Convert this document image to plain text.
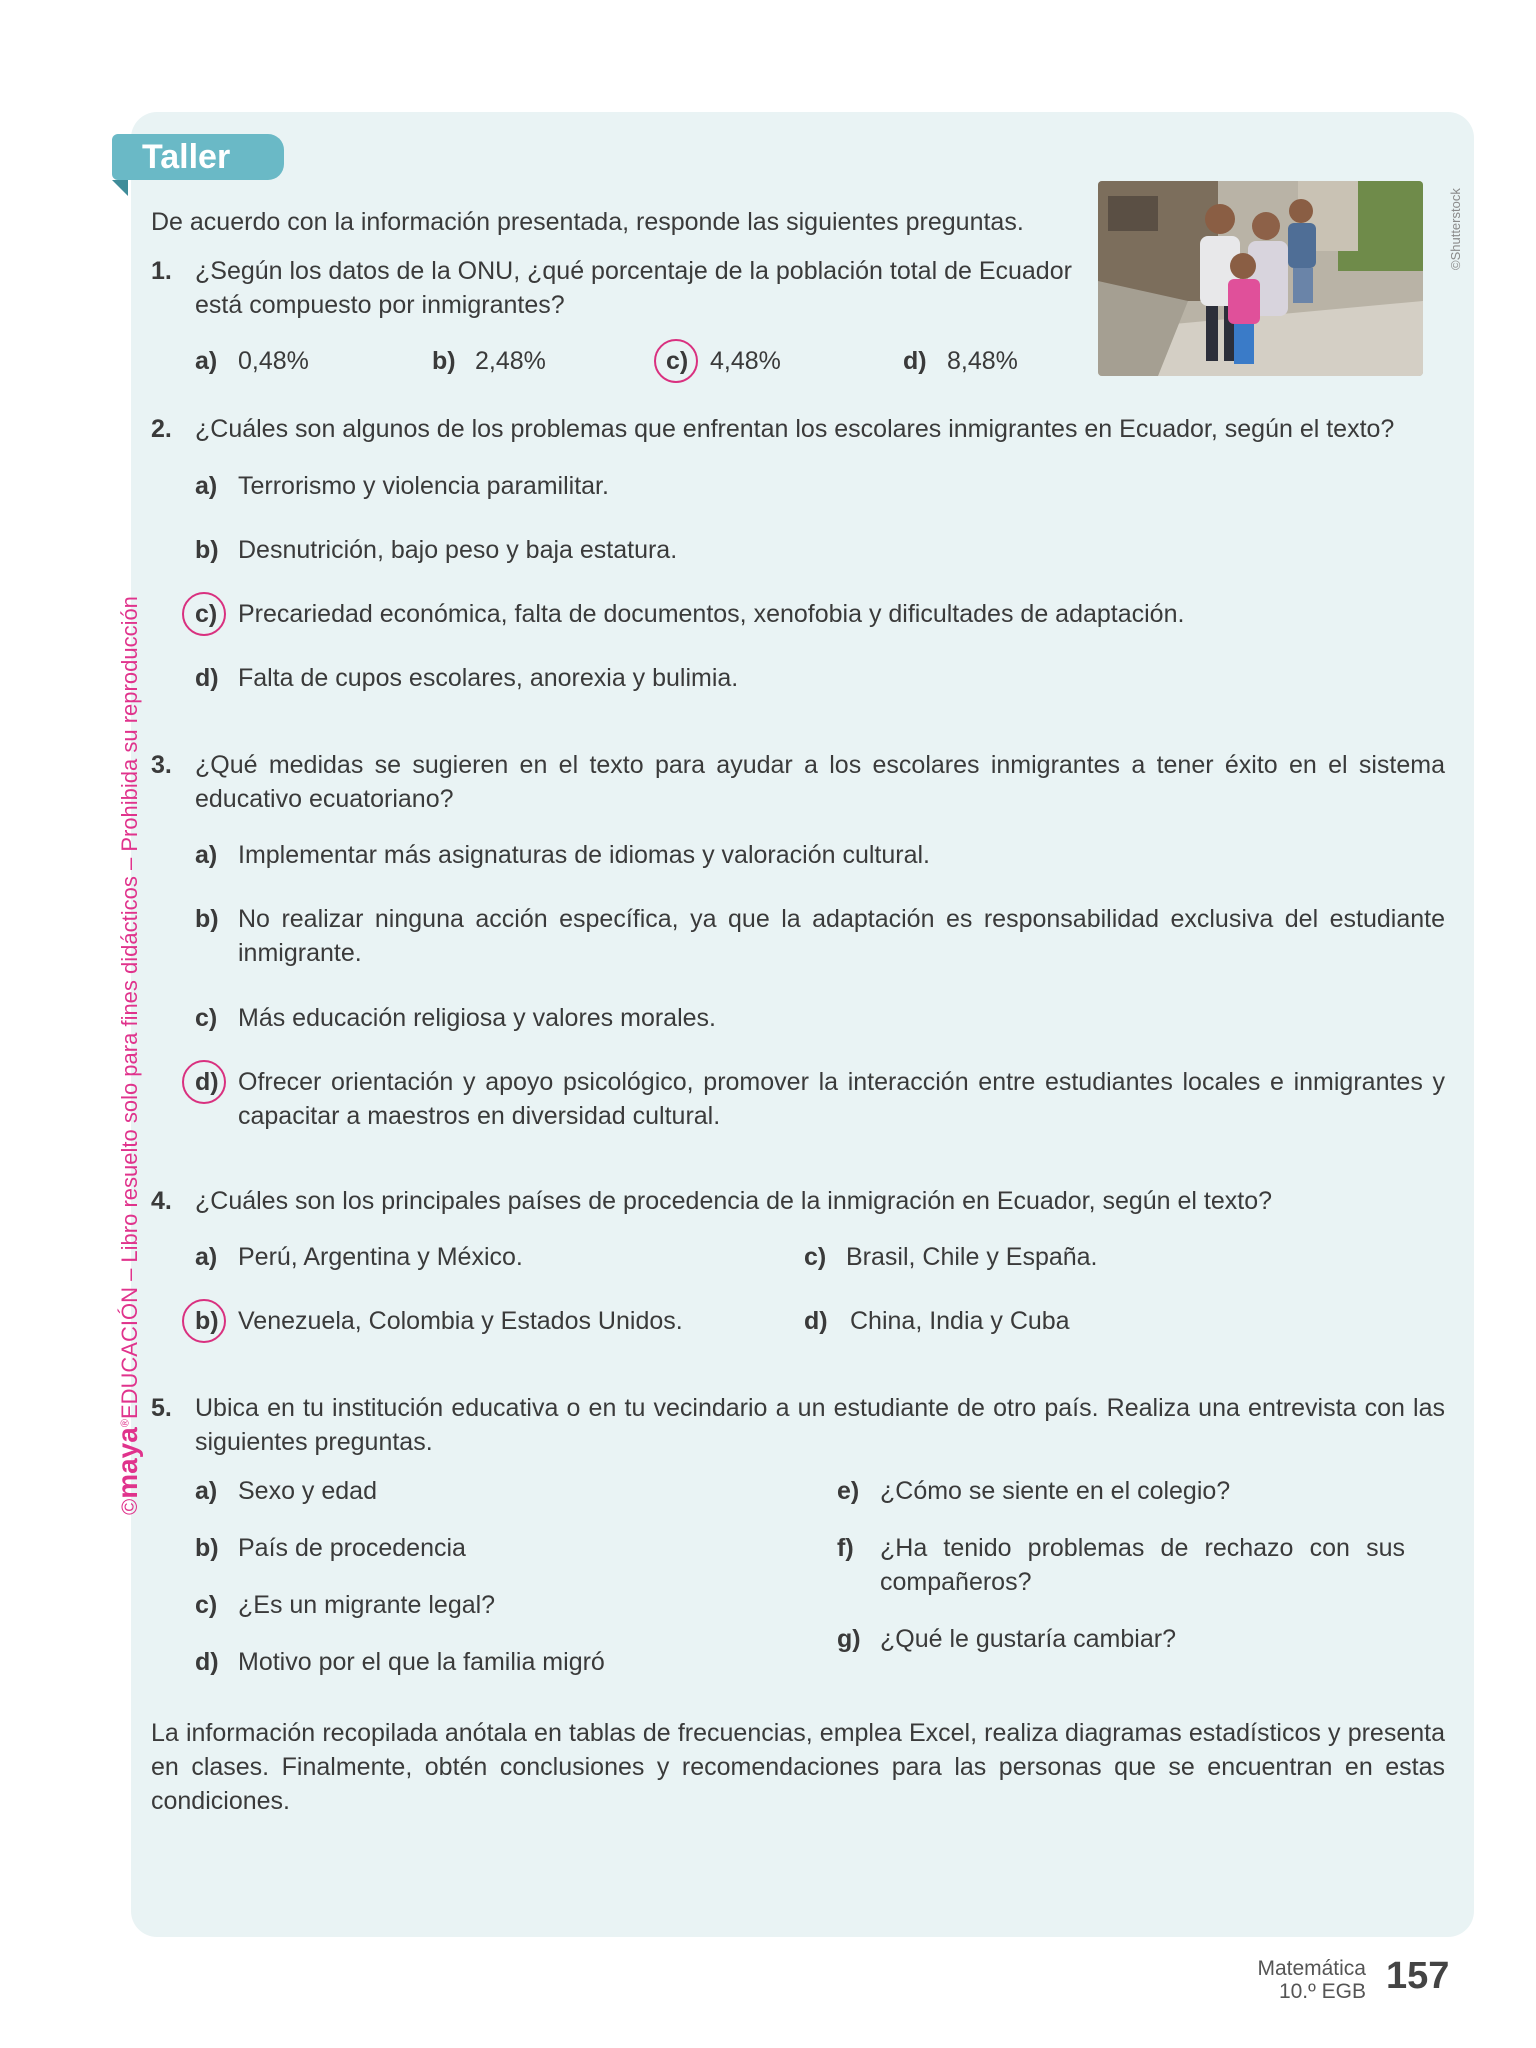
Taller
©maya®EDUCACIÓN – Libro resuelto solo para fines didácticos – Prohibida su reproducción
©Shutterstock
De acuerdo con la información presentada, responde las siguientes preguntas.
1. ¿Según los datos de la ONU, ¿qué porcentaje de la población total de Ecuador está compuesto por inmigrantes?
a) 0,48%	b) 2,48%	c) 4,48%	d) 8,48%
2. ¿Cuáles son algunos de los problemas que enfrentan los escolares inmigrantes en Ecuador, según el texto?
a) Terrorismo y violencia paramilitar.
b) Desnutrición, bajo peso y baja estatura.
c) Precariedad económica, falta de documentos, xenofobia y dificultades de adaptación.
d) Falta de cupos escolares, anorexia y bulimia.
3. ¿Qué medidas se sugieren en el texto para ayudar a los escolares inmigrantes a tener éxito en el sistema educativo ecuatoriano?
a) Implementar más asignaturas de idiomas y valoración cultural.
b) No realizar ninguna acción específica, ya que la adaptación es responsabilidad exclusiva del estudiante inmigrante.
c) Más educación religiosa y valores morales.
d) Ofrecer orientación y apoyo psicológico, promover la interacción entre estudiantes locales e inmigrantes y capacitar a maestros en diversidad cultural.
4. ¿Cuáles son los principales países de procedencia de la inmigración en Ecuador, según el texto?
a) Perú, Argentina y México.
b) Venezuela, Colombia y Estados Unidos.
c) Brasil, Chile y España.
d) China, India y Cuba
5. Ubica en tu institución educativa o en tu vecindario a un estudiante de otro país. Realiza una entrevista con las siguientes preguntas.
a) Sexo y edad
b) País de procedencia
c) ¿Es un migrante legal?
d) Motivo por el que la familia migró
e) ¿Cómo se siente en el colegio?
f) ¿Ha tenido problemas de rechazo con sus compañeros?
g) ¿Qué le gustaría cambiar?
La información recopilada anótala en tablas de frecuencias, emplea Excel, realiza diagramas estadísticos y presenta en clases. Finalmente, obtén conclusiones y recomendaciones para las personas que se encuentran en estas condiciones.
Matemática
10.º EGB 157
